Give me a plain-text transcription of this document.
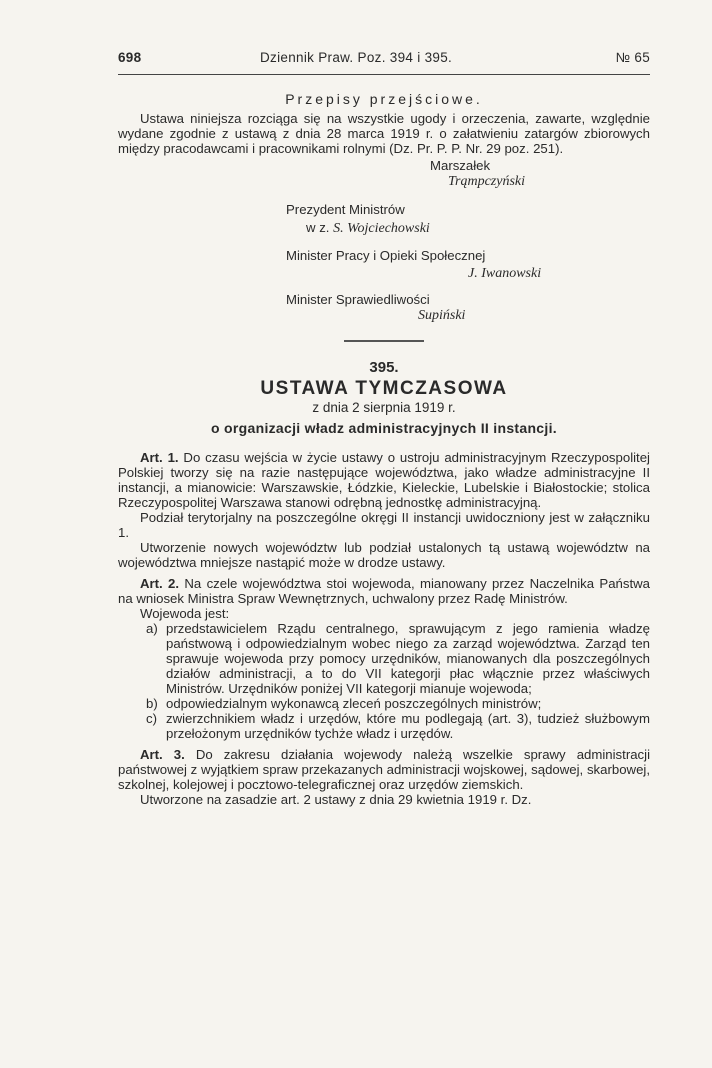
698	Dziennik Praw. Poz. 394 i 395.	№ 65
Przepisy przejściowe.

Ustawa niniejsza rozciąga się na wszystkie ugody i orzeczenia, zawarte, względnie wydane zgodnie z ustawą z dnia 28 marca 1919 r. o załatwieniu zatargów zbiorowych między pracodawcami i pracownikami rolnymi (Dz. Pr. P. P. Nr. 29 poz. 251).

Marszałek
Trąmpczyński
Prezydent Ministrów
w z. S. Wojciechowski
Minister Pracy i Opieki Społecznej
J. Iwanowski
Minister Sprawiedliwości
Supiński
395.
USTAWA TYMCZASOWA
z dnia 2 sierpnia 1919 r.
o organizacji władz administracyjnych II instancji.

Art. 1. Do czasu wejścia w życie ustawy o ustroju administracyjnym Rzeczypospolitej Polskiej tworzy się na razie następujące województwa, jako władze administracyjne II instancji, a mianowicie: Warszawskie, Łódzkie, Kieleckie, Lubelskie i Białostockie; stolica Rzeczypospolitej Warszawa stanowi odrębną jednostkę administracyjną.

Podział terytorjalny na poszczególne okręgi II instancji uwidoczniony jest w załączniku 1.

Utworzenie nowych województw lub podział ustalonych tą ustawą województw na województwa mniejsze nastąpić może w drodze ustawy.

Art. 2. Na czele województwa stoi wojewoda, mianowany przez Naczelnika Państwa na wniosek Ministra Spraw Wewnętrznych, uchwalony przez Radę Ministrów.

Wojewoda jest:

a) przedstawicielem Rządu centralnego, sprawującym z jego ramienia władzę państwową i odpowiedzialnym wobec niego za zarząd województwa. Zarząd ten sprawuje wojewoda przy pomocy urzędników, mianowanych dla poszczególnych działów administracji, a to do VII kategorji płac włącznie przez właściwych Ministrów. Urzędników poniżej VII kategorji mianuje wojewoda;
b) odpowiedzialnym wykonawcą zleceń poszczególnych ministrów;
c) zwierzchnikiem władz i urzędów, które mu podlegają (art. 3), tudzież służbowym przełożonym urzędników tychże władz i urzędów.

Art. 3. Do zakresu działania wojewody należą wszelkie sprawy administracji państwowej z wyjątkiem spraw przekazanych administracji wojskowej, sądowej, skarbowej, szkolnej, kolejowej i pocztowo-telegraficznej oraz urzędów ziemskich.

Utworzone na zasadzie art. 2 ustawy z dnia 29 kwietnia 1919 r. Dz.
